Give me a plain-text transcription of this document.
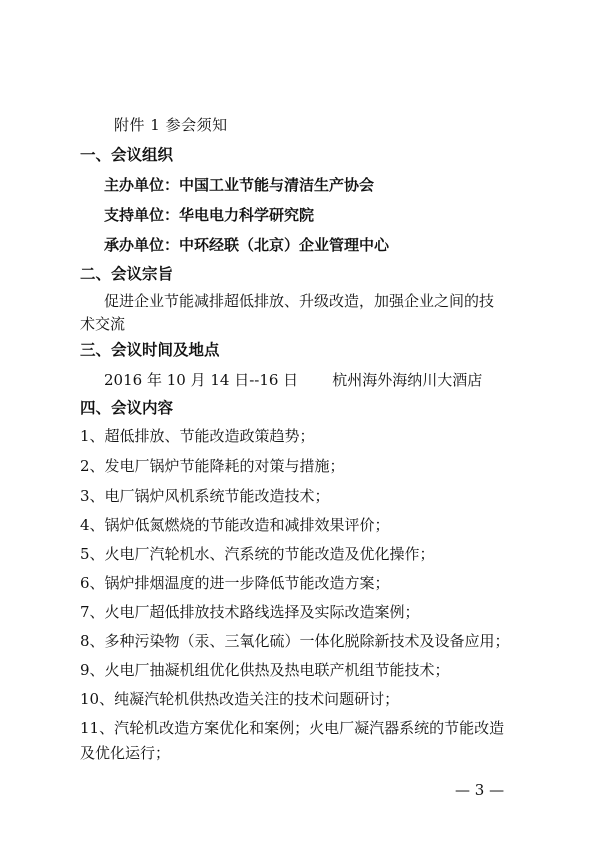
附件 1 参会须知
一、会议组织
主办单位：中国工业节能与清洁生产协会
支持单位：华电电力科学研究院
承办单位：中环经联（北京）企业管理中心
二、会议宗旨
促进企业节能减排超低排放、升级改造，加强企业之间的技
术交流
三、会议时间及地点
2016 年 10 月 14 日--16 日 杭州海外海纳川大酒店
四、会议内容
1、超低排放、节能改造政策趋势；
2、发电厂锅炉节能降耗的对策与措施；
3、电厂锅炉风机系统节能改造技术；
4、锅炉低氮燃烧的节能改造和减排效果评价；
5、火电厂汽轮机水、汽系统的节能改造及优化操作；
6、锅炉排烟温度的进一步降低节能改造方案；
7、火电厂超低排放技术路线选择及实际改造案例；
8、多种污染物（汞、三氧化硫）一体化脱除新技术及设备应用；
9、火电厂抽凝机组优化供热及热电联产机组节能技术；
10、纯凝汽轮机供热改造关注的技术问题研讨；
11、汽轮机改造方案优化和案例；火电厂凝汽器系统的节能改造
及优化运行；
— 3 —
